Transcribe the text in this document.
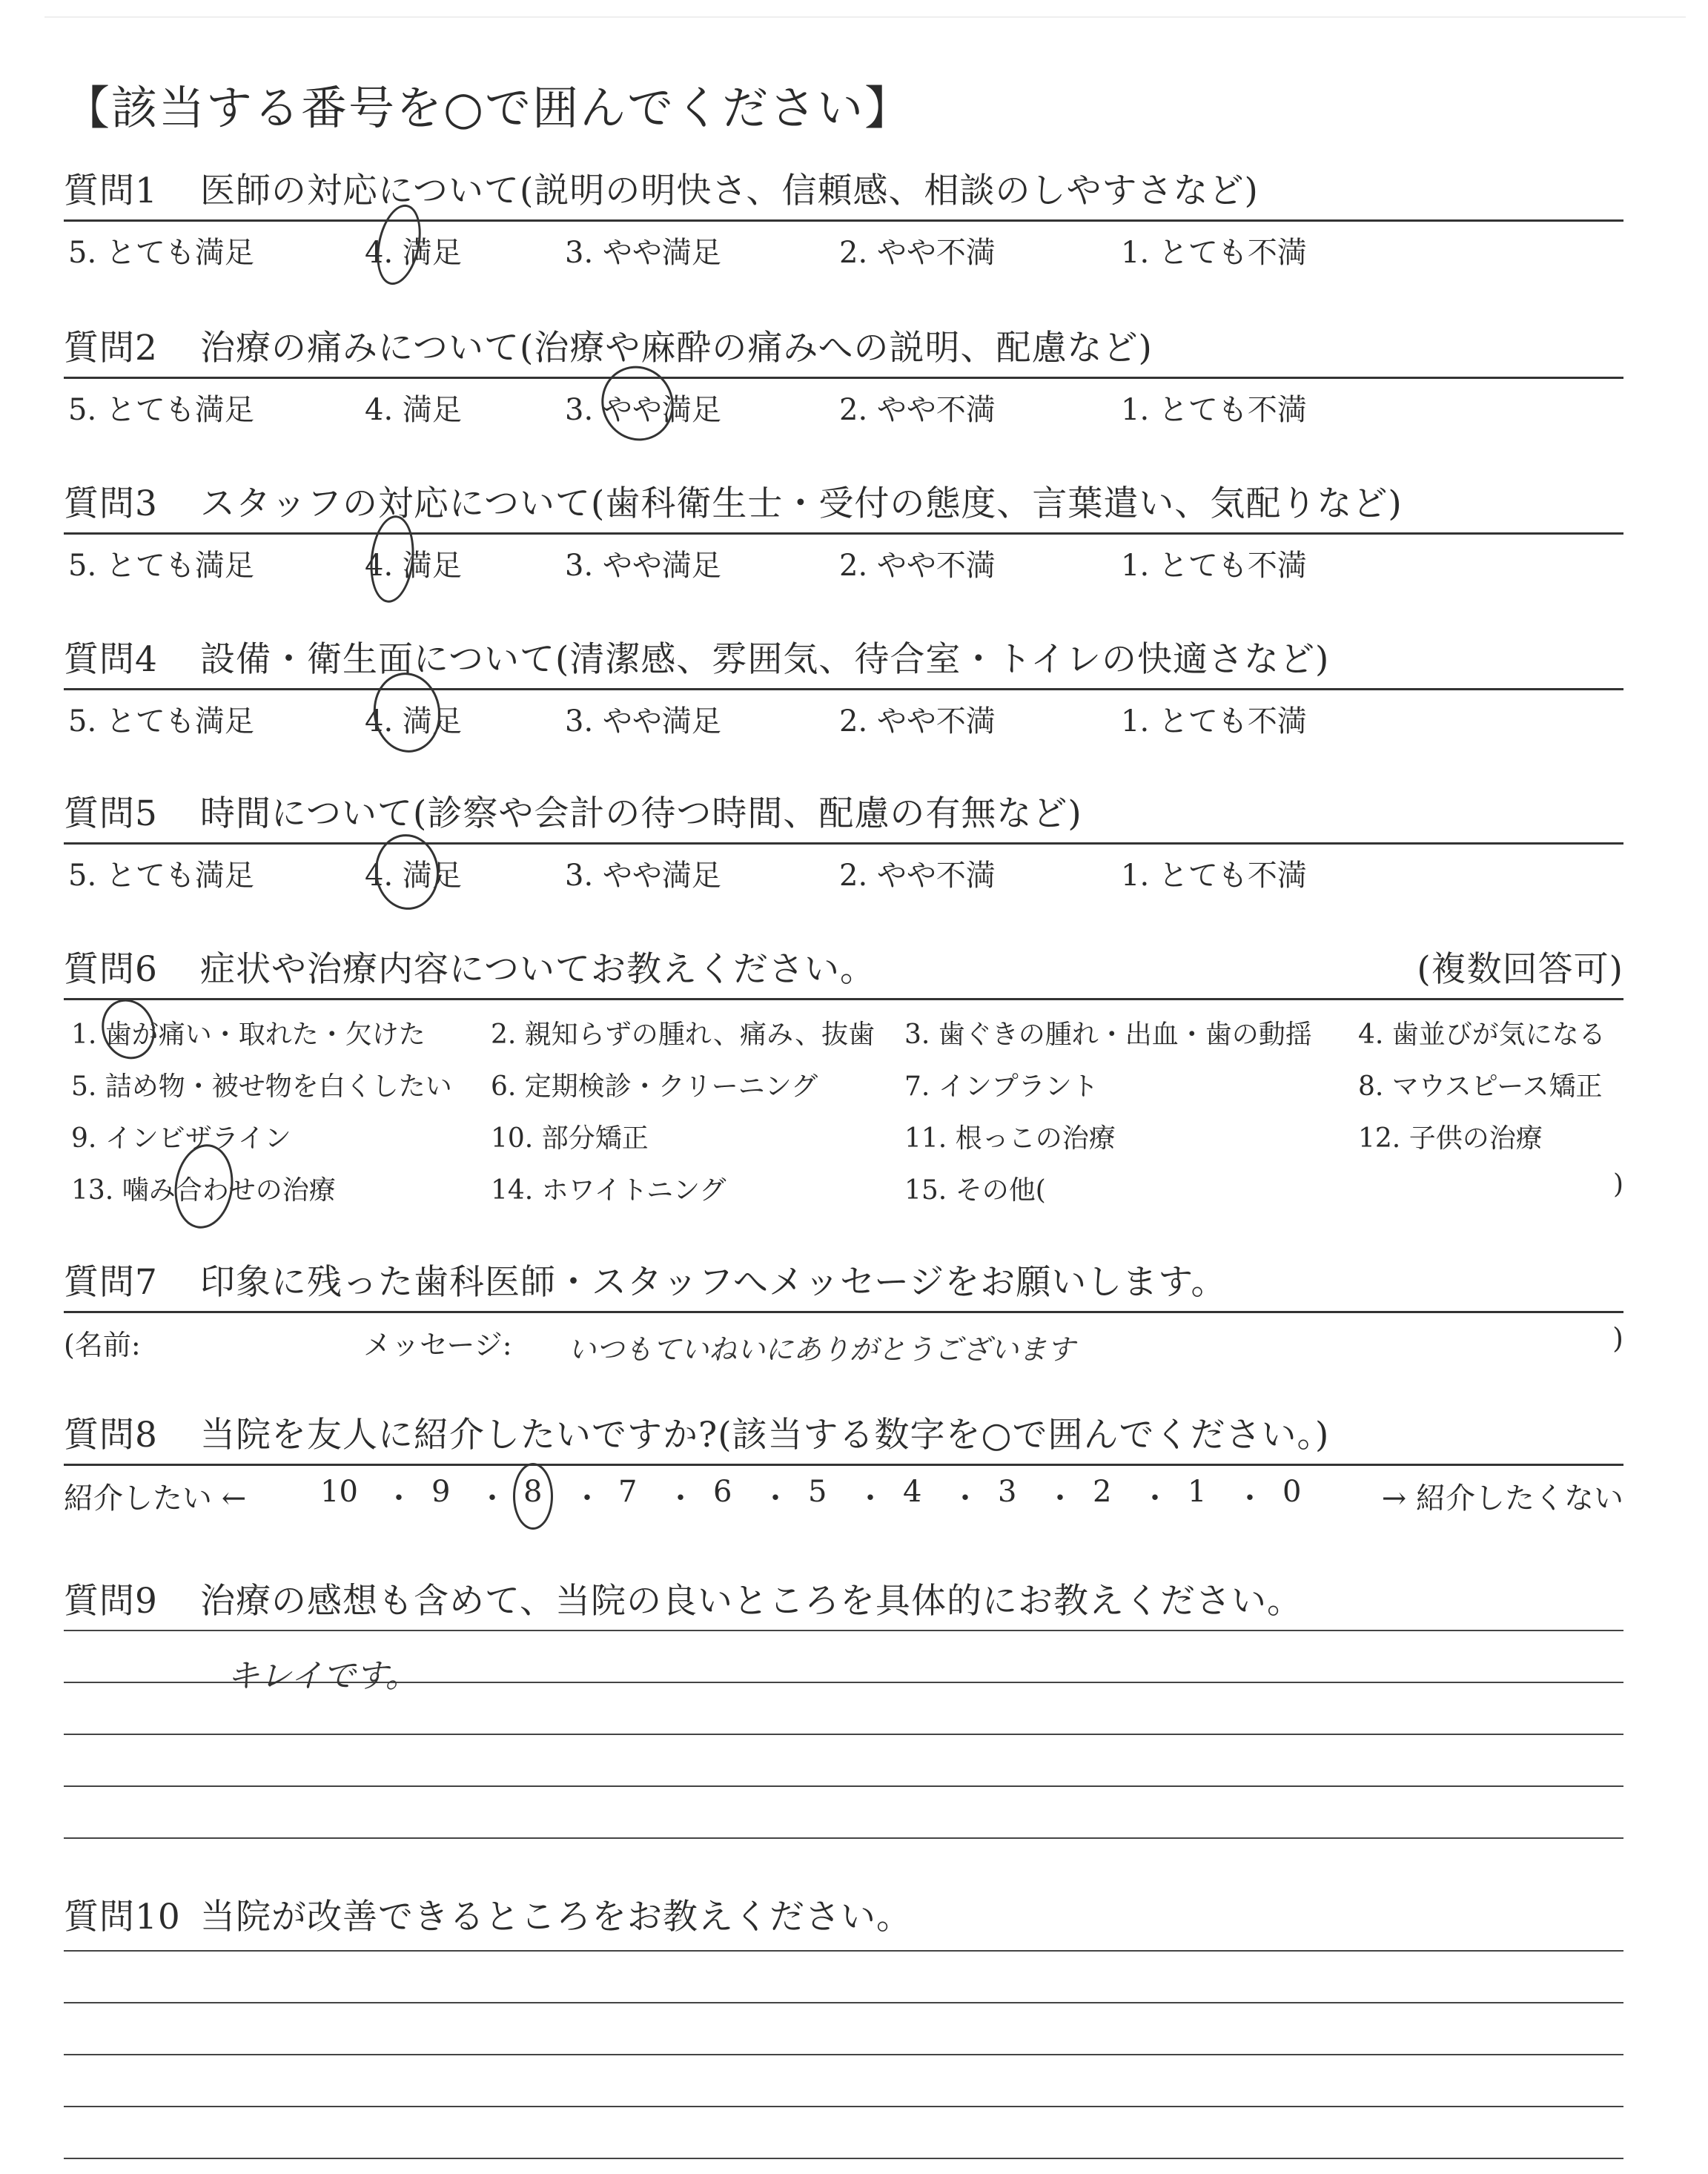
【該当する番号を○で囲んでください】
質問1 医師の対応について(説明の明快さ、信頼感、相談のしやすさなど)
5. とても満足	4. 満足	3. やや満足	2. やや不満	1. とても不満
質問2 治療の痛みについて(治療や麻酔の痛みへの説明、配慮など)
5. とても満足	4. 満足	3. やや満足	2. やや不満	1. とても不満
質問3 スタッフの対応について(歯科衛生士・受付の態度、言葉遣い、気配りなど)
5. とても満足	4. 満足	3. やや満足	2. やや不満	1. とても不満
質問4 設備・衛生面について(清潔感、雰囲気、待合室・トイレの快適さなど)
5. とても満足	4. 満足	3. やや満足	2. やや不満	1. とても不満
質問5 時間について(診察や会計の待つ時間、配慮の有無など)
5. とても満足	4. 満足	3. やや満足	2. やや不満	1. とても不満
質問6 症状や治療内容についてお教えください。	(複数回答可)
1. 歯が痛い・取れた・欠けた 2. 親知らずの腫れ、痛み、抜歯 3. 歯ぐきの腫れ・出血・歯の動揺 4. 歯並びが気になる
5. 詰め物・被せ物を白くしたい 6. 定期検診・クリーニング	7. インプラント	8. マウスピース矯正
9. インビザライン	10. 部分矯正	11. 根っこの治療	12. 子供の治療
13. 噛み合わせの治療	14. ホワイトニング	15. その他(	)
質問7 印象に残った歯科医師・スタッフへメッセージをお願いします。
(名前:	メッセージ: いつもていねいにありがとうございます	)
質問8 当院を友人に紹介したいですか?(該当する数字を○で囲んでください。)
紹介したい ← 10 ・ 9 ・ 8 ・ 7 ・ 6 ・ 5 ・ 4 ・ 3 ・ 2 ・ 1 ・ 0	→ 紹介したくない
質問9 治療の感想も含めて、当院の良いところを具体的にお教えください。
キレイです。
質問10 当院が改善できるところをお教えください。
